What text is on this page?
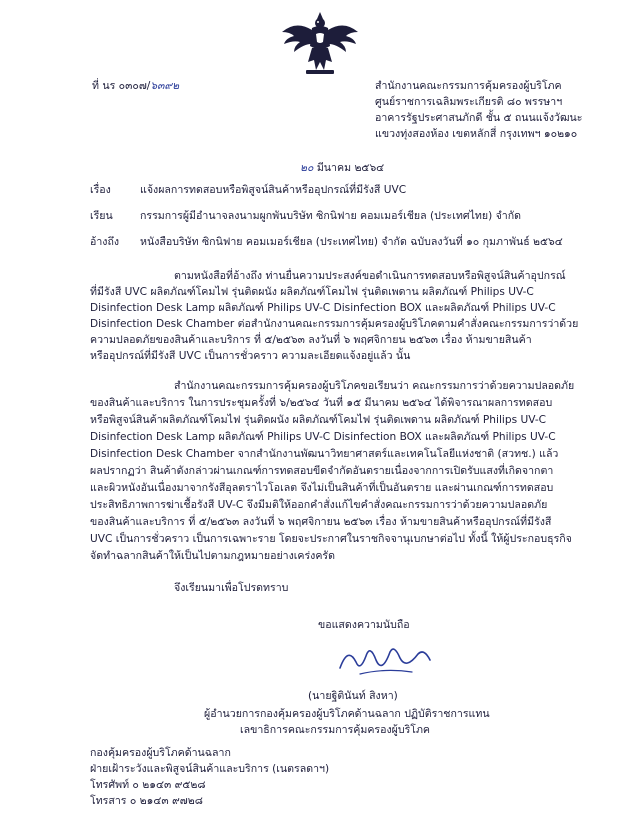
ที่ นร ๐๓๐๗/๖๓๙๒	สำนักงานคณะกรรมการคุ้มครองผู้บริโภค
ศูนย์ราชการเฉลิมพระเกียรติ ๘๐ พรรษาฯ
อาคารรัฐประศาสนภักดี ชั้น ๕ ถนนแจ้งวัฒนะ
แขวงทุ่งสองห้อง เขตหลักสี่ กรุงเทพฯ ๑๐๒๑๐
๒๐ มีนาคม ๒๕๖๔
เรื่อง	แจ้งผลการทดสอบหรือพิสูจน์สินค้าหรืออุปกรณ์ที่มีรังสี UVC
เรียน	กรรมการผู้มีอำนาจลงนามผูกพันบริษัท ซิกนิฟาย คอมเมอร์เชียล (ประเทศไทย) จำกัด
อ้างถึง หนังสือบริษัท ซิกนิฟาย คอมเมอร์เชียล (ประเทศไทย) จำกัด ฉบับลงวันที่ ๑๐ กุมภาพันธ์ ๒๕๖๔
ตามหนังสือที่อ้างถึง ท่านยื่นความประสงค์ขอดำเนินการทดสอบหรือพิสูจน์สินค้าอุปกรณ์
ที่มีรังสี UVC ผลิตภัณฑ์โคมไฟ รุ่นติดผนัง ผลิตภัณฑ์โคมไฟ รุ่นติดเพดาน ผลิตภัณฑ์ Philips UV-C
Disinfection Desk Lamp ผลิตภัณฑ์ Philips UV-C Disinfection BOX และผลิตภัณฑ์ Philips UV-C
Disinfection Desk Chamber ต่อสำนักงานคณะกรรมการคุ้มครองผู้บริโภคตามคำสั่งคณะกรรมการว่าด้วย
ความปลอดภัยของสินค้าและบริการ ที่ ๕/๒๕๖๓ ลงวันที่ ๖ พฤศจิกายน ๒๕๖๓ เรื่อง ห้ามขายสินค้า
หรืออุปกรณ์ที่มีรังสี UVC เป็นการชั่วคราว ความละเอียดแจ้งอยู่แล้ว นั้น
สำนักงานคณะกรรมการคุ้มครองผู้บริโภคขอเรียนว่า คณะกรรมการว่าด้วยความปลอดภัย
ของสินค้าและบริการ ในการประชุมครั้งที่ ๖/๒๕๖๔ วันที่ ๑๕ มีนาคม ๒๕๖๔ ได้พิจารณาผลการทดสอบ
หรือพิสูจน์สินค้าผลิตภัณฑ์โคมไฟ รุ่นติดผนัง ผลิตภัณฑ์โคมไฟ รุ่นติดเพดาน ผลิตภัณฑ์ Philips UV-C
Disinfection Desk Lamp ผลิตภัณฑ์ Philips UV-C Disinfection BOX และผลิตภัณฑ์ Philips UV-C
Disinfection Desk Chamber จากสำนักงานพัฒนาวิทยาศาสตร์และเทคโนโลยีแห่งชาติ (สวทช.) แล้ว
ผลปรากฏว่า สินค้าดังกล่าวผ่านเกณฑ์การทดสอบขีดจำกัดอันตรายเนื่องจากการเปิดรับแสงที่เกิดจากตา
และผิวหนังอันเนื่องมาจากรังสีอุลตราไวโอเลต จึงไม่เป็นสินค้าที่เป็นอันตราย และผ่านเกณฑ์การทดสอบ
ประสิทธิภาพการฆ่าเชื้อรังสี UV-C จึงมีมติให้ออกคำสั่งแก้ไขคำสั่งคณะกรรมการว่าด้วยความปลอดภัย
ของสินค้าและบริการ ที่ ๕/๒๕๖๓ ลงวันที่ ๖ พฤศจิกายน ๒๕๖๓ เรื่อง ห้ามขายสินค้าหรืออุปกรณ์ที่มีรังสี
UVC เป็นการชั่วคราว เป็นการเฉพาะราย โดยจะประกาศในราชกิจจานุเบกษาต่อไป ทั้งนี้ ให้ผู้ประกอบธุรกิจ
จัดทำฉลากสินค้าให้เป็นไปตามกฎหมายอย่างเคร่งครัด
จึงเรียนมาเพื่อโปรดทราบ
ขอแสดงความนับถือ
(นายฐิตินันท์ สิงหา)
ผู้อำนวยการกองคุ้มครองผู้บริโภคด้านฉลาก ปฏิบัติราชการแทน
เลขาธิการคณะกรรมการคุ้มครองผู้บริโภค
กองคุ้มครองผู้บริโภคด้านฉลาก
ฝ่ายเฝ้าระวังและพิสูจน์สินค้าและบริการ (เนตรลดาฯ)
โทรศัพท์ ๐ ๒๑๔๓ ๙๕๒๘
โทรสาร ๐ ๒๑๔๓ ๙๗๒๘
